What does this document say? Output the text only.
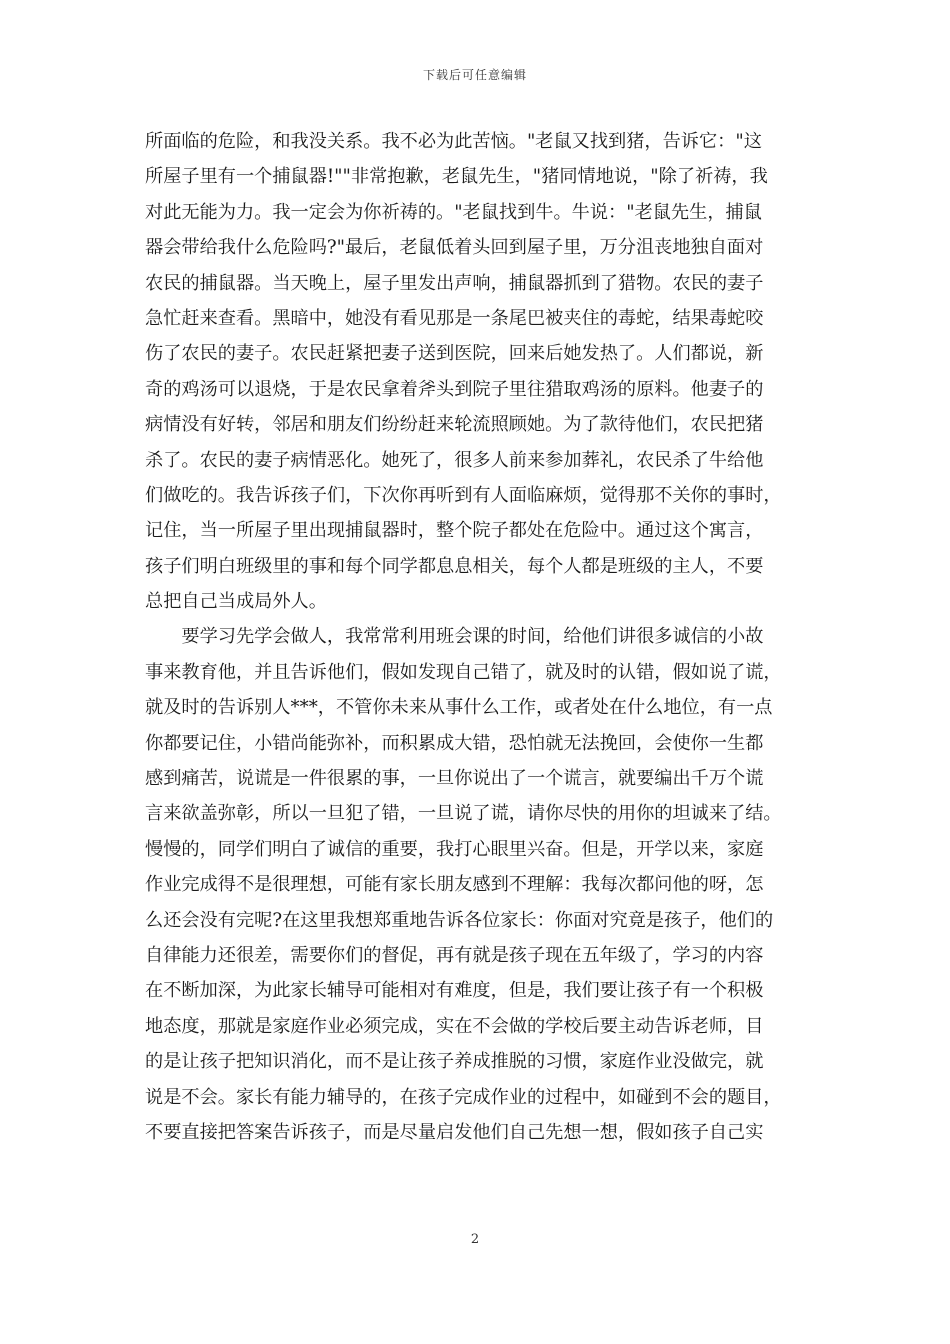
下载后可任意编辑
所面临的危险，和我没关系。我不必为此苦恼。"老鼠又找到猪，告诉它："这
所屋子里有一个捕鼠器!""非常抱歉，老鼠先生，"猪同情地说，"除了祈祷，我
对此无能为力。我一定会为你祈祷的。"老鼠找到牛。牛说："老鼠先生，捕鼠
器会带给我什么危险吗?"最后，老鼠低着头回到屋子里，万分沮丧地独自面对
农民的捕鼠器。当天晚上，屋子里发出声响，捕鼠器抓到了猎物。农民的妻子
急忙赶来查看。黑暗中，她没有看见那是一条尾巴被夹住的毒蛇，结果毒蛇咬
伤了农民的妻子。农民赶紧把妻子送到医院，回来后她发热了。人们都说，新
奇的鸡汤可以退烧，于是农民拿着斧头到院子里往猎取鸡汤的原料。他妻子的
病情没有好转，邻居和朋友们纷纷赶来轮流照顾她。为了款待他们，农民把猪
杀了。农民的妻子病情恶化。她死了，很多人前来参加葬礼，农民杀了牛给他
们做吃的。我告诉孩子们，下次你再听到有人面临麻烦，觉得那不关你的事时，
记住，当一所屋子里出现捕鼠器时，整个院子都处在危险中。通过这个寓言，
孩子们明白班级里的事和每个同学都息息相关，每个人都是班级的主人，不要
总把自己当成局外人。
　　要学习先学会做人，我常常利用班会课的时间，给他们讲很多诚信的小故
事来教育他，并且告诉他们，假如发现自己错了，就及时的认错，假如说了谎，
就及时的告诉别人***，不管你未来从事什么工作，或者处在什么地位，有一点
你都要记住，小错尚能弥补，而积累成大错，恐怕就无法挽回，会使你一生都
感到痛苦，说谎是一件很累的事，一旦你说出了一个谎言，就要编出千万个谎
言来欲盖弥彰，所以一旦犯了错，一旦说了谎，请你尽快的用你的坦诚来了结。
慢慢的，同学们明白了诚信的重要，我打心眼里兴奋。但是，开学以来，家庭
作业完成得不是很理想，可能有家长朋友感到不理解：我每次都问他的呀，怎
么还会没有完呢?在这里我想郑重地告诉各位家长：你面对究竟是孩子，他们的
自律能力还很差，需要你们的督促，再有就是孩子现在五年级了，学习的内容
在不断加深，为此家长辅导可能相对有难度，但是，我们要让孩子有一个积极
地态度，那就是家庭作业必须完成，实在不会做的学校后要主动告诉老师，目
的是让孩子把知识消化，而不是让孩子养成推脱的习惯，家庭作业没做完，就
说是不会。家长有能力辅导的，在孩子完成作业的过程中，如碰到不会的题目，
不要直接把答案告诉孩子，而是尽量启发他们自己先想一想，假如孩子自己实
2
